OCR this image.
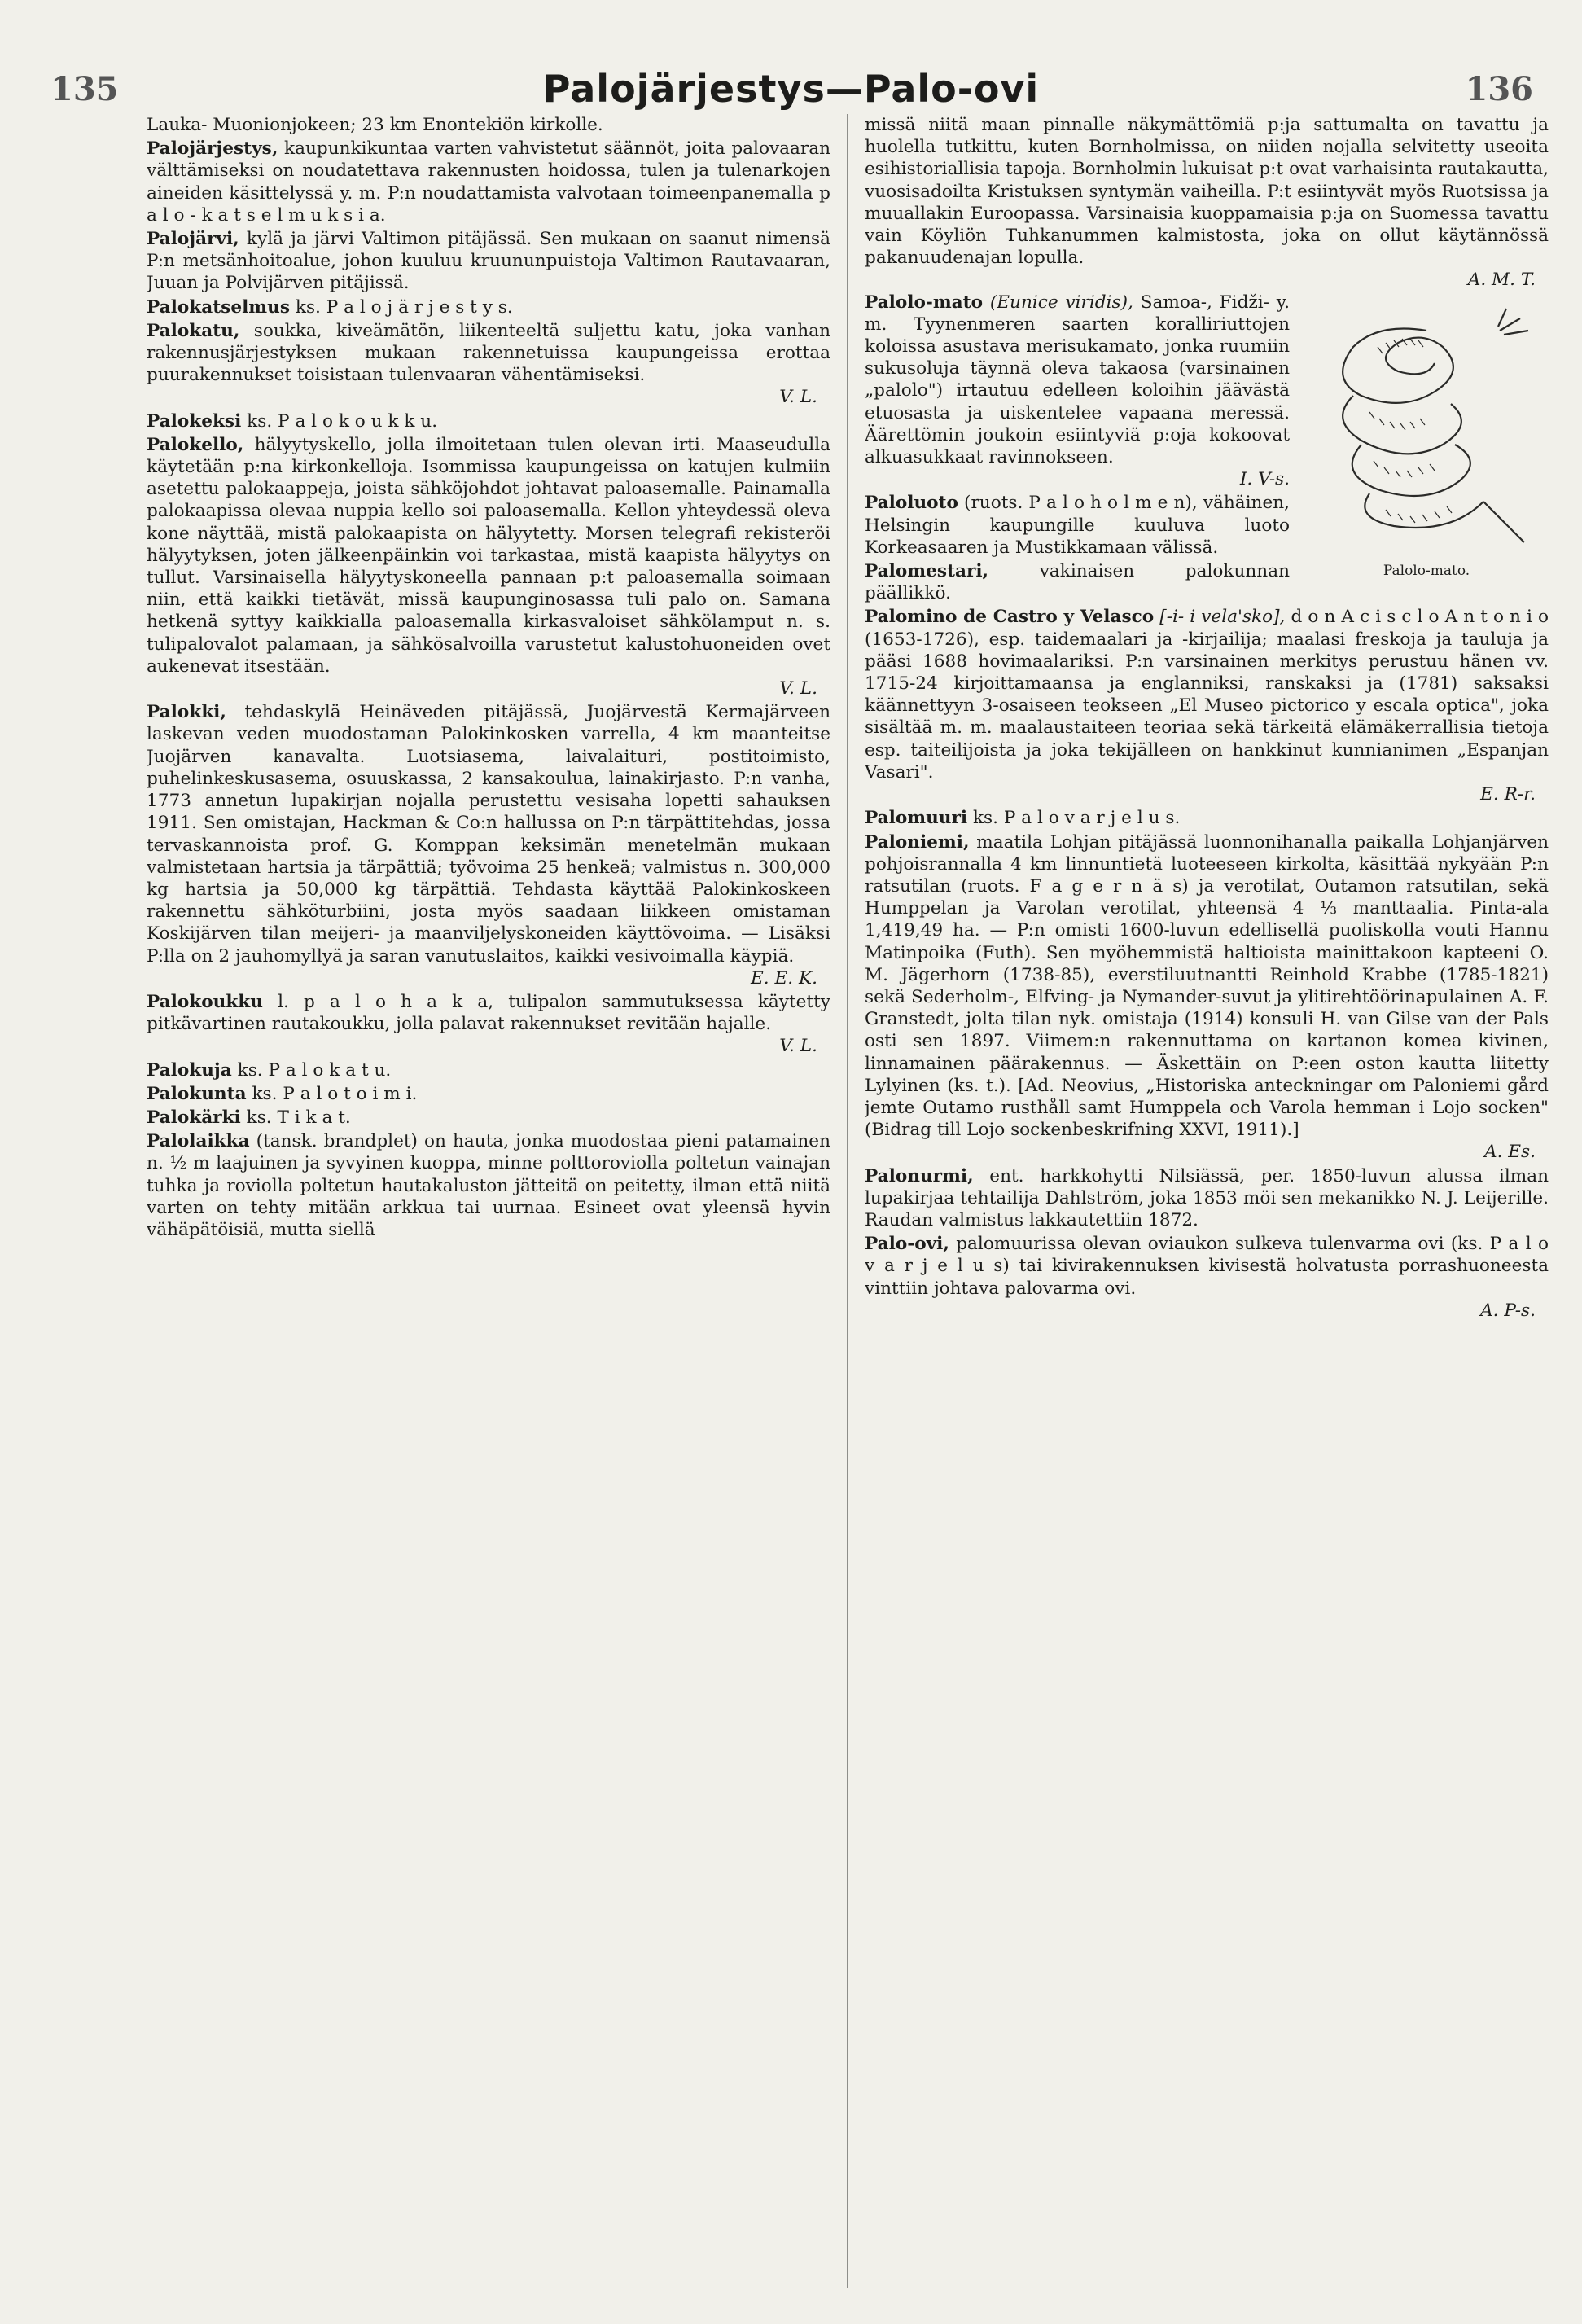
135	Palojärjestys—Palo-ovi	136

Lauka- Muonionjokeen; 23 km Enontekiön kirkolle.

Palojärjestys, kaupunkikuntaa varten vahvistetut säännöt, joita palovaaran välttämiseksi on noudatettava rakennusten hoidossa, tulen ja tulenarkojen aineiden käsittelyssä y. m. P:n noudattamista valvotaan toimeenpanemalla p a l o - k a t s e l m u k s i a.

Palojärvi, kylä ja järvi Valtimon pitäjässä. Sen mukaan on saanut nimensä P:n metsänhoitoalue, johon kuuluu kruununpuistoja Valtimon Rautavaaran, Juuan ja Polvijärven pitäjissä.

Palokatselmus ks. P a l o j ä r j e s t y s.

Palokatu, soukka, kiveämätön, liikenteeltä suljettu katu, joka vanhan rakennusjärjestyksen mukaan rakennetuissa kaupungeissa erottaa puurakennukset toisistaan tulenvaaran vähentämiseksi.
V. L.

Palokeksi ks. P a l o k o u k k u.

Palokello, hälyytyskello, jolla ilmoitetaan tulen olevan irti. Maaseudulla käytetään p:na kirkonkelloja. Isommissa kaupungeissa on katujen kulmiin asetettu palokaappeja, joista sähköjohdot johtavat paloasemalle. Painamalla palokaapissa olevaa nuppia kello soi paloasemalla. Kellon yhteydessä oleva kone näyttää, mistä palokaapista on hälyytetty. Morsen telegrafi rekisteröi hälyytyksen, joten jälkeenpäinkin voi tarkastaa, mistä kaapista hälyytys on tullut. Varsinaisella hälyytyskoneella pannaan p:t paloasemalla soimaan niin, että kaikki tietävät, missä kaupunginosassa tuli palo on. Samana hetkenä syttyy kaikkialla paloasemalla kirkasvaloiset sähkölamput n. s. tulipalovalot palamaan, ja sähkösalvoilla varustetut kalustohuoneiden ovet aukenevat itsestään.
V. L.

Palokki, tehdaskylä Heinäveden pitäjässä, Juojärvestä Kermajärveen laskevan veden muodostaman Palokinkosken varrella, 4 km maanteitse Juojärven kanavalta. Luotsiasema, laivalaituri, postitoimisto, puhelinkeskusasema, osuuskassa, 2 kansakoulua, lainakirjasto. P:n vanha, 1773 annetun lupakirjan nojalla perustettu vesisaha lopetti sahauksen 1911. Sen omistajan, Hackman & Co:n hallussa on P:n tärpättitehdas, jossa tervaskannoista prof. G. Komppan keksimän menetelmän mukaan valmistetaan hartsia ja tärpättiä; työvoima 25 henkeä; valmistus n. 300,000 kg hartsia ja 50,000 kg tärpättiä. Tehdasta käyttää Palokinkoskeen rakennettu sähköturbiini, josta myös saadaan liikkeen omistaman Koskijärven tilan meijeri- ja maanviljelyskoneiden käyttövoima. — Lisäksi P:lla on 2 jauhomyllyä ja saran vanutuslaitos, kaikki vesivoimalla käypiä.
E. E. K.

Palokoukku l. p a l o h a k a, tulipalon sammutuksessa käytetty pitkävartinen rautakoukku, jolla palavat rakennukset revitään hajalle.
V. L.

Palokuja ks. P a l o k a t u.

Palokunta ks. P a l o t o i m i.

Palokärki ks. T i k a t.

Palolaikka (tansk. brandplet) on hauta, jonka muodostaa pieni patamainen n. ½ m laajuinen ja syvyinen kuoppa, minne polttoroviolla poltetun vainajan tuhka ja roviolla poltetun hautakaluston jätteitä on peitetty, ilman että niitä varten on tehty mitään arkkua tai uurnaa. Esineet ovat yleensä hyvin vähäpätöisiä, mutta siellä

missä niitä maan pinnalle näkymättömiä p:ja sattumalta on tavattu ja huolella tutkittu, kuten Bornholmissa, on niiden nojalla selvitetty useoita esihistoriallisia tapoja. Bornholmin lukuisat p:t ovat varhaisinta rautakautta, vuosisadoilta Kristuksen syntymän vaiheilla. P:t esiintyvät myös Ruotsissa ja muuallakin Euroopassa. Varsinaisia kuoppamaisia p:ja on Suomessa tavattu vain Köyliön Tuhkanummen kalmistosta, joka on ollut käytännössä pakanuudenajan lopulla.
A. M. T.

Palolo-mato.

Palolo-mato (Eunice viridis), Samoa-, Fidži- y. m. Tyynenmeren saarten koralliriuttojen koloissa asustava merisukamato, jonka ruumiin sukusoluja täynnä oleva takaosa (varsinainen „palolo") irtautuu edelleen koloihin jäävästä etuosasta ja uiskentelee vapaana meressä. Äärettömin joukoin esiintyviä p:oja kokoovat alkuasukkaat ravinnokseen.
I. V-s.

Paloluoto (ruots. P a l o h o l m e n), vähäinen, Helsingin kaupungille kuuluva luoto Korkeasaaren ja Mustikkamaan välissä.

Palomestari,	vakinaisen palokunnan päällikkö.

Palomino de Castro y Velasco [-i- i vela'sko], d o n A c i s c l o A n t o n i o (1653-1726), esp. taidemaalari ja -kirjailija; maalasi freskoja ja tauluja ja pääsi 1688 hovimaalariksi. P:n varsinainen merkitys perustuu hänen vv. 1715-24 kirjoittamaansa ja englanniksi, ranskaksi ja (1781) saksaksi käännettyyn 3-osaiseen teokseen „El Museo pictorico y escala optica", joka sisältää m. m. maalaustaiteen teoriaa sekä tärkeitä elämäkerrallisia tietoja esp. taiteilijoista ja joka tekijälleen on hankkinut kunnianimen „Espanjan Vasari".
E. R-r.

Palomuuri ks. P a l o v a r j e l u s.

Paloniemi, maatila Lohjan pitäjässä luonnonihanalla paikalla Lohjanjärven pohjoisrannalla 4 km linnuntietä luoteeseen kirkolta, käsittää nykyään P:n ratsutilan (ruots. F a g e r n ä s) ja verotilat, Outamon ratsutilan, sekä Humppelan ja Varolan verotilat, yhteensä 4 ⅓ manttaalia. Pinta-ala 1,419,49 ha. — P:n omisti 1600-luvun edellisellä puoliskolla vouti Hannu Matinpoika (Futh). Sen myöhemmistä haltioista mainittakoon kapteeni O. M. Jägerhorn (1738-85), everstiluutnantti Reinhold Krabbe (1785-1821) sekä Sederholm-, Elfving- ja Nymander-suvut ja ylitirehtöörinapulainen A. F. Granstedt, jolta tilan nyk. omistaja (1914) konsuli H. van Gilse van der Pals osti sen 1897. Viimem:n rakennuttama on kartanon komea kivinen, linnamainen päärakennus. — Äskettäin on P:een oston kautta liitetty Lylyinen (ks. t.). [Ad. Neovius, „Historiska anteckningar om Paloniemi gård jemte Outamo rusthåll samt Humppela och Varola hemman i Lojo socken" (Bidrag till Lojo sockenbeskrifning XXVI, 1911).]
A. Es.

Palonurmi, ent. harkkohytti Nilsiässä, per. 1850-luvun alussa ilman lupakirjaa tehtailija Dahlström, joka 1853 möi sen mekanikko N. J. Leijerille. Raudan valmistus lakkautettiin 1872.

Palo-ovi, palomuurissa olevan oviaukon sulkeva tulenvarma ovi (ks. P a l o v a r j e l u s) tai kivirakennuksen kivisestä holvatusta porrashuoneesta vinttiin johtava palovarma ovi.
A. P-s.
